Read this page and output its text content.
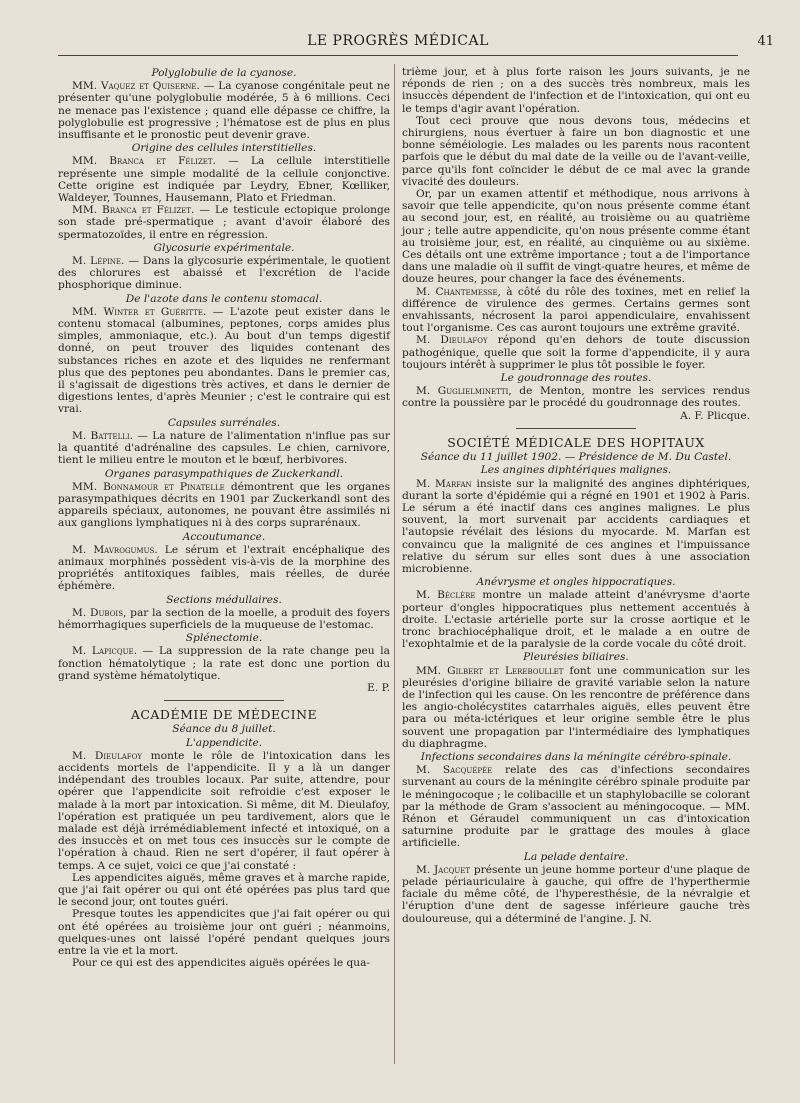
LE PROGRÈS MÉDICAL	41
Polyglobulie de la cyanose.

MM. Vaquez et Quiserne. — La cyanose congénitale peut ne présenter qu'une polyglobulie modérée, 5 à 6 millions. Ceci ne menace pas l'existence ; quand elle dépasse ce chiffre, la polyglobulie est progressive ; l'hématose est de plus en plus insuffisante et le pronostic peut devenir grave.

Origine des cellules interstitielles.

MM. Branca et Félizet. — La cellule interstitielle représente une simple modalité de la cellule conjonctive. Cette origine est indiquée par Leydry, Ebner, Kœlliker, Waldeyer, Tounnes, Hausemann, Plato et Friedman.

MM. Branca et Félizet. — Le testicule ectopique prolonge son stade pré-spermatique ; avant d'avoir élaboré des spermatozoïdes, il entre en régression.

Glycosurie expérimentale.

M. Lépine. — Dans la glycosurie expérimentale, le quotient des chlorures est abaissé et l'excrétion de l'acide phosphorique diminue.

De l'azote dans le contenu stomacal.

MM. Winter et Guéritte. — L'azote peut exister dans le contenu stomacal (albumines, peptones, corps amides plus simples, ammoniaque, etc.). Au bout d'un temps digestif donné, on peut trouver des liquides contenant des substances riches en azote et des liquides ne renfermant plus que des peptones peu abondantes. Dans le premier cas, il s'agissait de digestions très actives, et dans le dernier de digestions lentes, d'après Meunier ; c'est le contraire qui est vrai.

Capsules surrénales.

M. Battelli. — La nature de l'alimentation n'influe pas sur la quantité d'adrénaline des capsules. Le chien, carnivore, tient le milieu entre le mouton et le bœuf, herbivores.

Organes parasympathiques de Zuckerkandl.

MM. Bonnamour et Pinatelle démontrent que les organes parasympathiques décrits en 1901 par Zuckerkandl sont des appareils spéciaux, autonomes, ne pouvant être assimilés ni aux ganglions lymphatiques ni à des corps suprarénaux.

Accoutumance.

M. Mavrogumus. Le sérum et l'extrait encéphalique des animaux morphinés possèdent vis-à-vis de la morphine des propriétés antitoxiques faibles, mais réelles, de durée éphémère.

Sections médullaires.

M. Dubois, par la section de la moelle, a produit des foyers hémorrhagiques superficiels de la muqueuse de l'estomac.

Splénectomie.

M. Lapicque. — La suppression de la rate change peu la fonction hématolytique ; la rate est donc une portion du grand système hématolytique.

E. P.
ACADÉMIE DE MÉDECINE
Séance du 8 juillet.
L'appendicite.

M. Dieulafoy monte le rôle de l'intoxication dans les accidents mortels de l'appendicite. Il y a là un danger indépendant des troubles locaux. Par suite, attendre, pour opérer que l'appendicite soit refroidie c'est exposer le malade à la mort par intoxication. Si même, dit M. Dieulafoy, l'opération est pratiquée un peu tardivement, alors que le malade est déjà irrémédiablement infecté et intoxiqué, on a des insuccès et on met tous ces insuccès sur le compte de l'opération à chaud. Rien ne sert d'opérer, il faut opérer à temps. A ce sujet, voici ce que j'ai constaté :

Les appendicites aiguës, même graves et à marche rapide, que j'ai fait opérer ou qui ont été opérées pas plus tard que le second jour, ont toutes guéri.

Presque toutes les appendicites que j'ai fait opérer ou qui ont été opérées au troisième jour ont guéri ; néanmoins, quelques-unes ont laissé l'opéré pendant quelques jours entre la vie et la mort.

Pour ce qui est des appendicites aiguës opérées le qua-

trième jour, et à plus forte raison les jours suivants, je ne réponds de rien ; on a des succès très nombreux, mais les insuccès dépendent de l'infection et de l'intoxication, qui ont eu le temps d'agir avant l'opération.

Tout ceci prouve que nous devons tous, médecins et chirurgiens, nous évertuer à faire un bon diagnostic et une bonne séméiologie. Les malades ou les parents nous racontent parfois que le début du mal date de la veille ou de l'avant-veille, parce qu'ils font coïncider le début de ce mal avec la grande vivacité des douleurs.

Or, par un examen attentif et méthodique, nous arrivons à savoir que telle appendicite, qu'on nous présente comme étant au second jour, est, en réalité, au troisième ou au quatrième jour ; telle autre appendicite, qu'on nous présente comme étant au troisième jour, est, en réalité, au cinquième ou au sixième. Ces détails ont une extrême importance ; tout a de l'importance dans une maladie où il suffit de vingt-quatre heures, et même de douze heures, pour changer la face des événements.

M. Chantemesse, à côté du rôle des toxines, met en relief la différence de virulence des germes. Certains germes sont envahissants, nécrosent la paroi appendiculaire, envahissent tout l'organisme. Ces cas auront toujours une extrême gravité.

M. Dieulafoy répond qu'en dehors de toute discussion pathogénique, quelle que soit la forme d'appendicite, il y aura toujours intérêt à supprimer le plus tôt possible le foyer.

Le goudronnage des routes.

M. Guglielminetti, de Menton, montre les services rendus contre la poussière par le procédé du goudronnage des routes.

A. F. Plicque.
SOCIÉTÉ MÉDICALE DES HOPITAUX
Séance du 11 juillet 1902. — Présidence de M. Du Castel.
Les angines diphtériques malignes.

M. Marfan insiste sur la malignité des angines diphtériques, durant la sorte d'épidémie qui a régné en 1901 et 1902 à Paris. Le sérum a été inactif dans ces angines malignes. Le plus souvent, la mort survenait par accidents cardiaques et l'autopsie révélait des lésions du myocarde. M. Marfan est convaincu que la malignité de ces angines et l'impuissance relative du sérum sur elles sont dues à une association microbienne.

Anévrysme et ongles hippocratiques.

M. Béclère montre un malade atteint d'anévrysme d'aorte porteur d'ongles hippocratiques plus nettement accentués à droite. L'ectasie artérielle porte sur la crosse aortique et le tronc brachiocéphalique droit, et le malade a en outre de l'exophtalmie et de la paralysie de la corde vocale du côté droit.

Pleurésies biliaires.

MM. Gilbert et Lereboullet font une communication sur les pleurésies d'origine biliaire de gravité variable selon la nature de l'infection qui les cause. On les rencontre de préférence dans les angio-cholécystites catarrhales aiguës, elles peuvent être para ou méta-ictériques et leur origine semble être le plus souvent une propagation par l'intermédiaire des lymphatiques du diaphragme.

Infections secondaires dans la méningite cérébro-spinale.

M. Sacquépée relate des cas d'infections secondaires survenant au cours de la méningite cérébro spinale produite par le méningocoque ; le colibacille et un staphylobacille se colorant par la méthode de Gram s'associent au méningocoque. — MM. Rénon et Géraudel communiquent un cas d'intoxication saturnine produite par le grattage des moules à glace artificielle.

La pelade dentaire.

M. Jacquet présente un jeune homme porteur d'une plaque de pelade périauriculaire à gauche, qui offre de l'hyperthermie faciale du même côté, de l'hyperesthésie, de la névralgie et l'éruption d'une dent de sagesse inférieure gauche très douloureuse, qui a déterminé de l'angine. J. N.
